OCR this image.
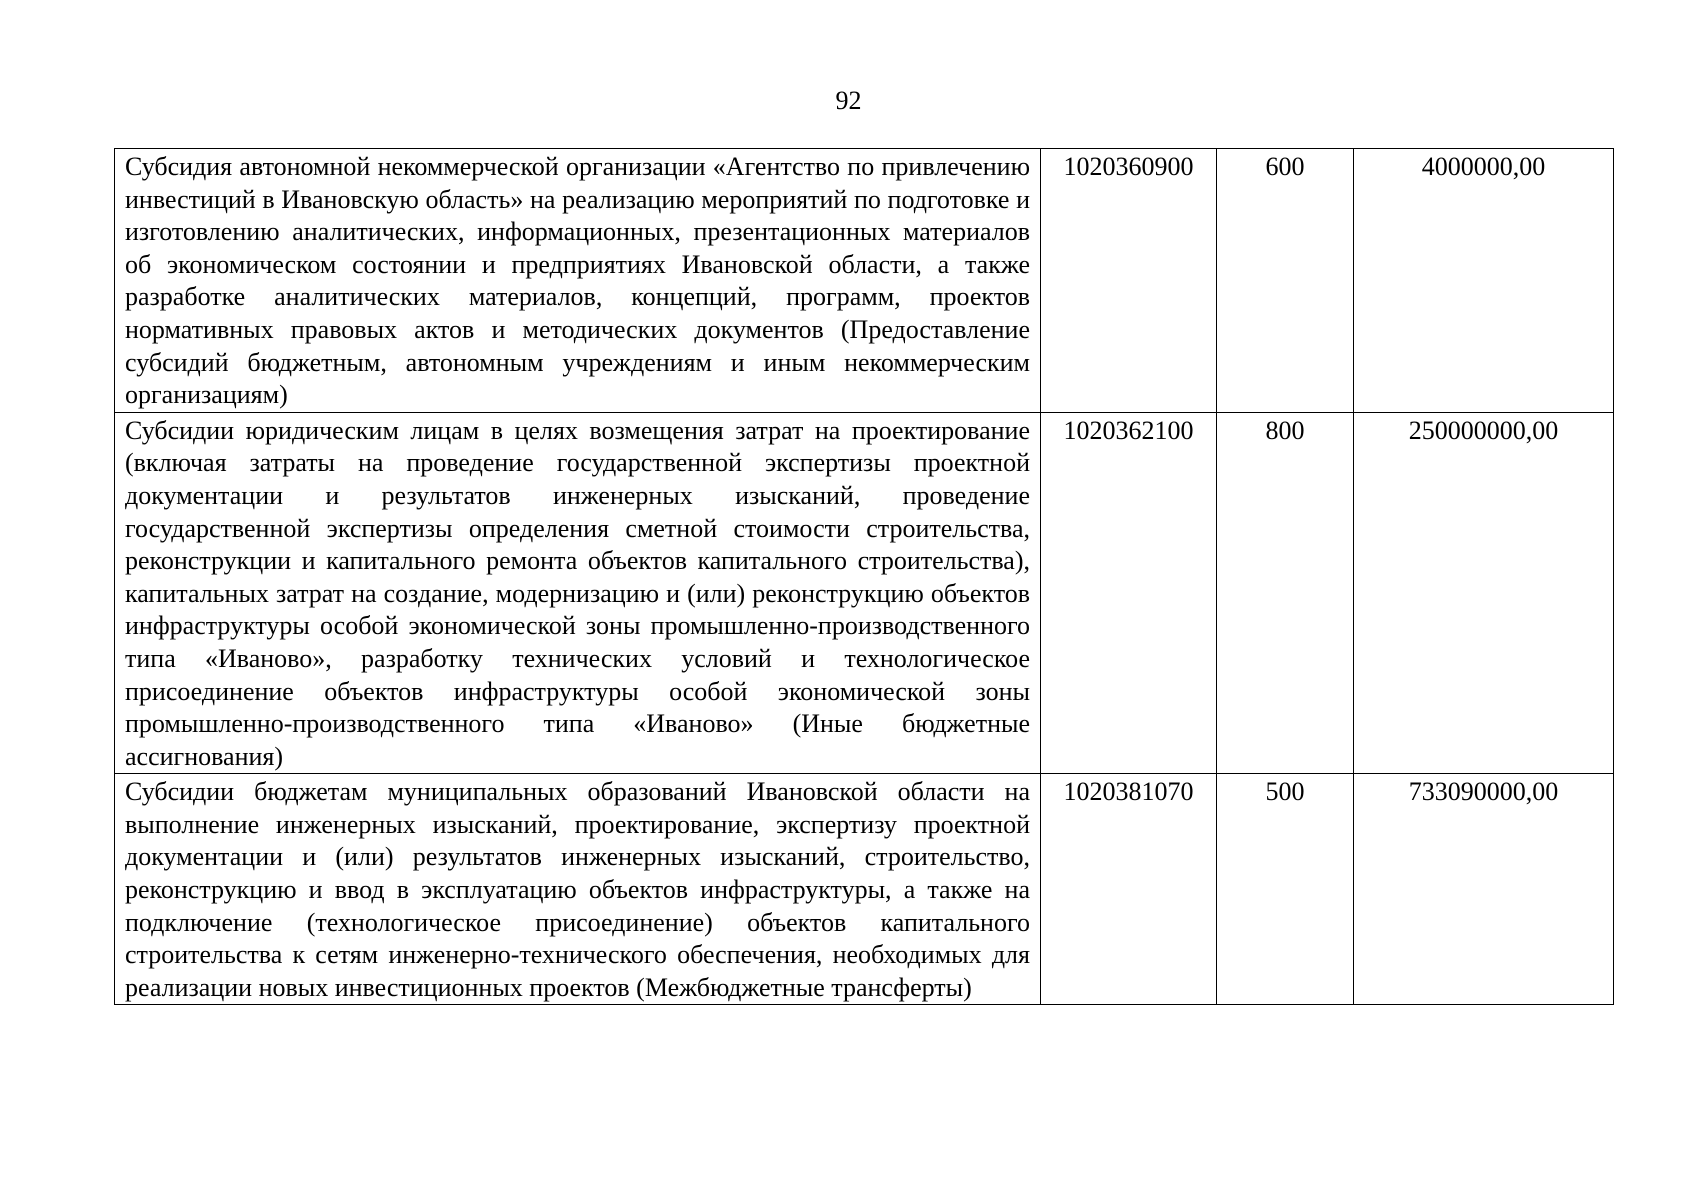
92
Субсидия автономной некоммерческой организации «Агентство по привлечению инвестиций в Ивановскую область» на реализацию мероприятий по подготовке и изготовлению аналитических, информационных, презентационных материалов об экономическом состоянии и предприятиях Ивановской области, а также разработке аналитических материалов, концепций, программ, проектов нормативных правовых актов и методических документов (Предоставление субсидий бюджетным, автономным учреждениям и иным некоммерческим организациям)	1020360900	600	4000000,00
Субсидии юридическим лицам в целях возмещения затрат на проектирование (включая затраты на проведение государственной экспертизы проектной документации и результатов инженерных изысканий, проведение государственной экспертизы определения сметной стоимости строительства, реконструкции и капитального ремонта объектов капитального строительства), капитальных затрат на создание, модернизацию и (или) реконструкцию объектов инфраструктуры особой экономической зоны промышленно-производственного типа «Иваново», разработку технических условий и технологическое присоединение объектов инфраструктуры особой экономической зоны промышленно-производственного типа «Иваново» (Иные бюджетные ассигнования)	1020362100	800	250000000,00
Субсидии бюджетам муниципальных образований Ивановской области на выполнение инженерных изысканий, проектирование, экспертизу проектной документации и (или) результатов инженерных изысканий, строительство, реконструкцию и ввод в эксплуатацию объектов инфраструктуры, а также на подключение (технологическое присоединение) объектов капитального строительства к сетям инженерно-технического обеспечения, необходимых для реализации новых инвестиционных проектов (Межбюджетные трансферты)	1020381070	500	733090000,00
